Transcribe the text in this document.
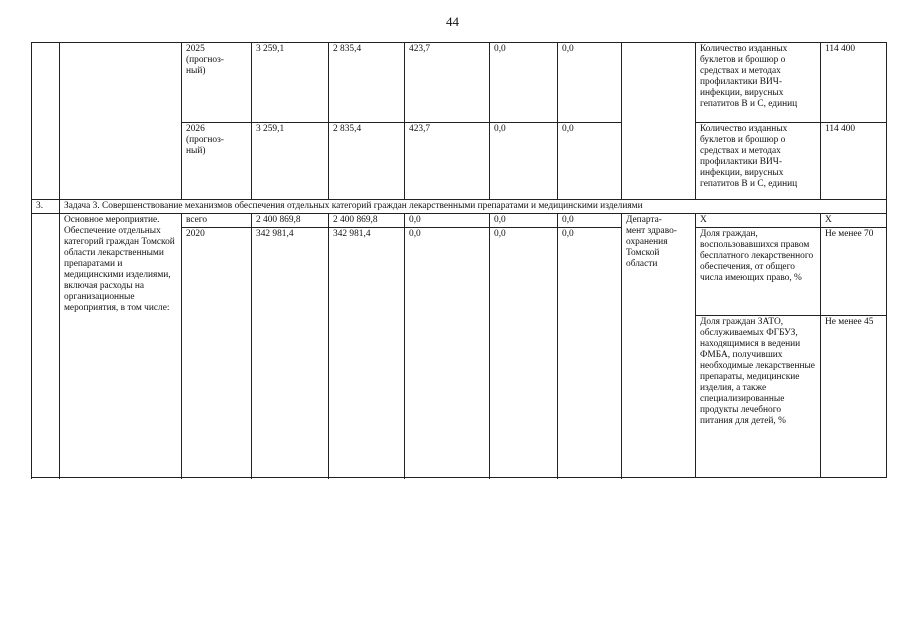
44
		2025
(прогноз-
ный)	3 259,1	2 835,4	423,7	0,0	0,0		Количество изданных буклетов и брошюр о средствах и методах профилактики ВИЧ-инфекции, вирусных гепатитов В и С, единиц	114 400
		2026
(прогноз-
ный)	3 259,1	2 835,4	423,7	0,0	0,0		Количество изданных буклетов и брошюр о средствах и методах профилактики ВИЧ-инфекции, вирусных гепатитов В и С, единиц	114 400
3.	Задача 3. Совершенствование механизмов обеспечения отдельных категорий граждан лекарственными препаратами и медицинскими изделиями									
	Основное мероприятие. Обеспечение отдельных категорий граждан Томской области лекарственными препаратами и медицинскими изделиями, включая расходы на организационные мероприятия, в том числе:	всего	2 400 869,8	2 400 869,8	0,0	0,0	0,0	Департа-
мент здраво-
охранения Томской области	X	X
		2020	342 981,4	342 981,4	0,0	0,0	0,0		Доля граждан, воспользовавшихся правом бесплатного лекарственного обеспечения, от общего числа имеющих право, %	Не менее 70
									Доля граждан ЗАТО, обслуживаемых ФГБУЗ, находящимися в ведении ФМБА, получивших необходимые лекарственные препараты, медицинские изделия, а также специализированные продукты лечебного питания для детей, %	Не менее 45
